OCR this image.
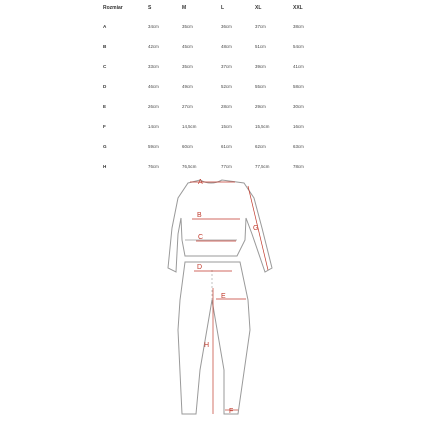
Rozmiar	S	M	L	XL	XXL
A	34cm	35cm	36cm	37cm	38cm
B	42cm	45cm	48cm	51cm	54cm
C	33cm	35cm	37cm	39cm	41cm
D	46cm	49cm	52cm	55cm	58cm
E	26cm	27cm	28cm	29cm	30cm
F	14cm	14,5cm	15cm	15,5cm	16cm
G	59cm	60cm	61cm	62cm	63cm
H	76cm	76,5cm	77cm	77,5cm	78cm
A
B
C
D
E
F
G
H
